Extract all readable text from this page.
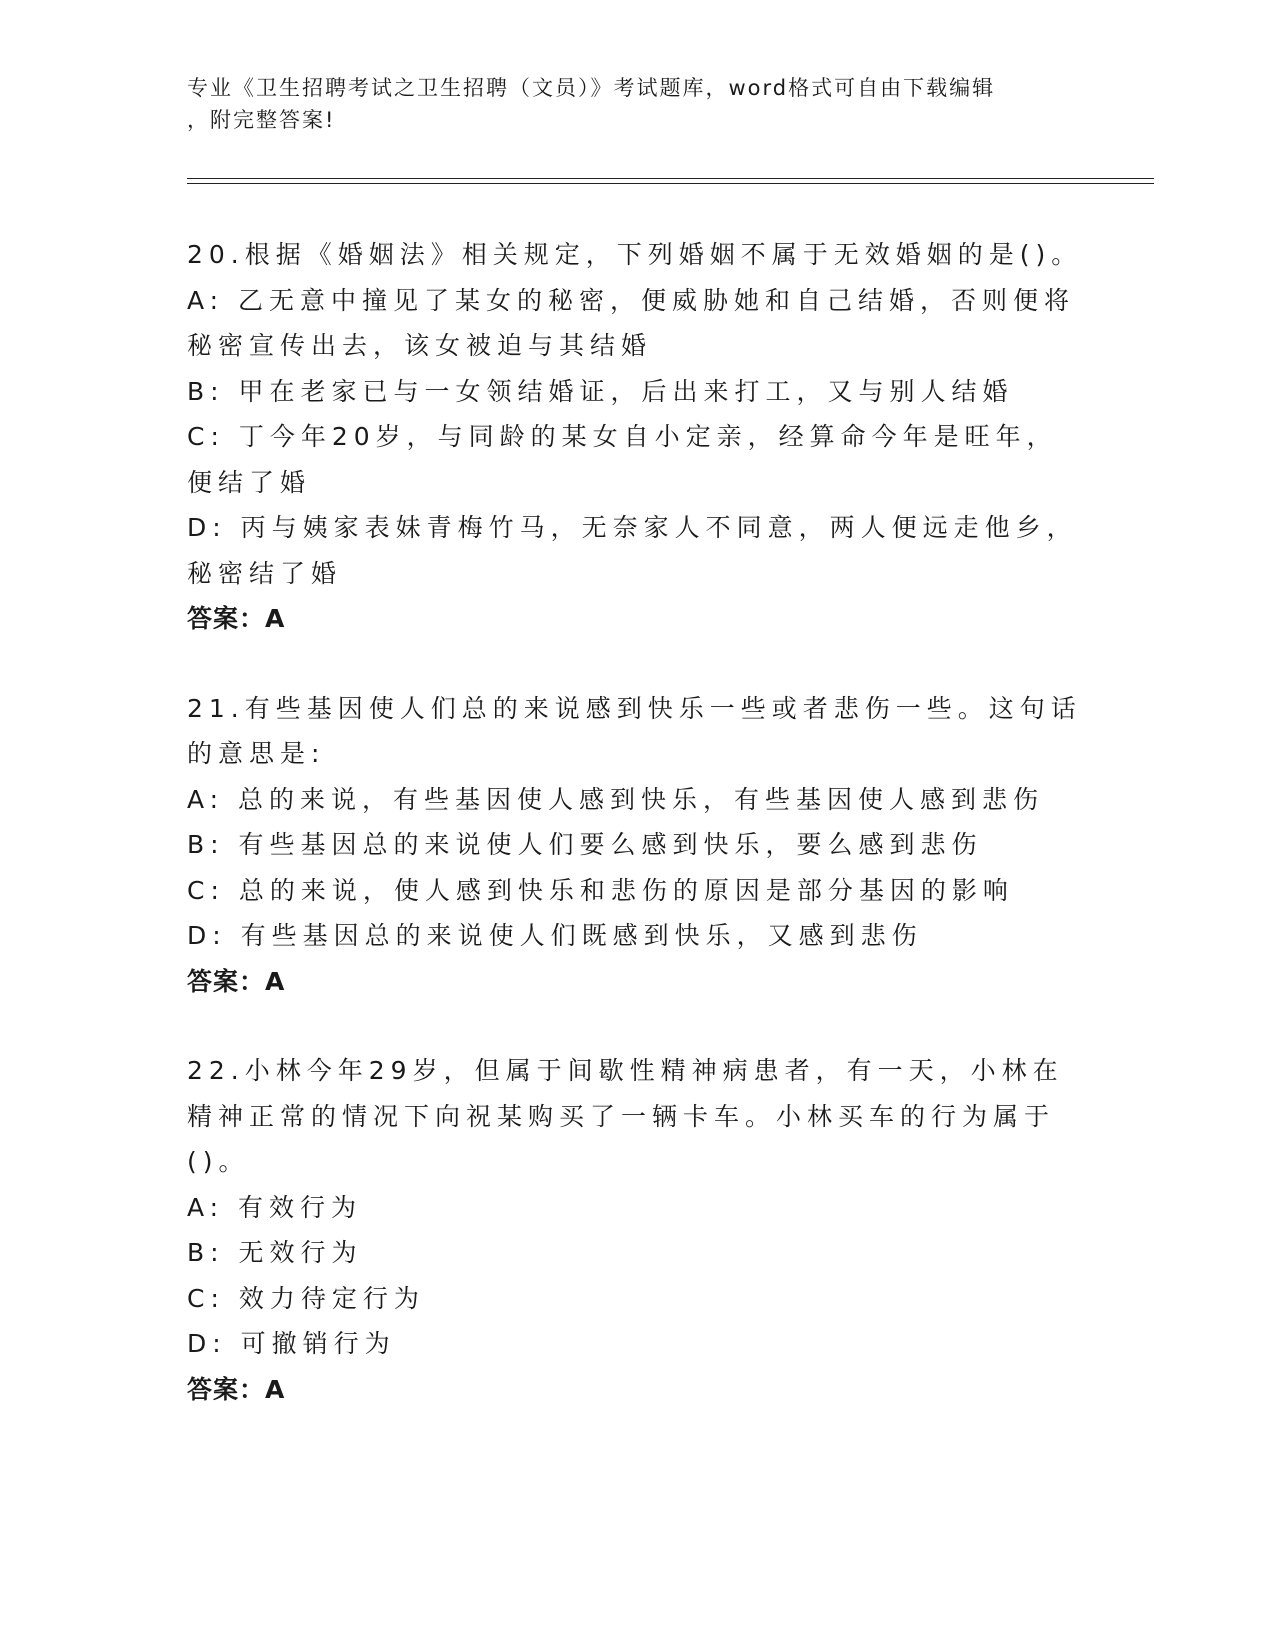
专业《卫生招聘考试之卫生招聘（文员）》考试题库，word格式可自由下载编辑
，附完整答案!
20.根据《婚姻法》相关规定，下列婚姻不属于无效婚姻的是()。
A: 乙无意中撞见了某女的秘密，便威胁她和自己结婚，否则便将秘密宣传出去，该女被迫与其结婚
B: 甲在老家已与一女领结婚证，后出来打工，又与别人结婚
C: 丁今年20岁，与同龄的某女自小定亲，经算命今年是旺年，便结了婚
D: 丙与姨家表妹青梅竹马，无奈家人不同意，两人便远走他乡，秘密结了婚
答案：A
21.有些基因使人们总的来说感到快乐一些或者悲伤一些。这句话的意思是:
A: 总的来说，有些基因使人感到快乐，有些基因使人感到悲伤
B: 有些基因总的来说使人们要么感到快乐，要么感到悲伤
C: 总的来说，使人感到快乐和悲伤的原因是部分基因的影响
D: 有些基因总的来说使人们既感到快乐，又感到悲伤
答案：A
22.小林今年29岁，但属于间歇性精神病患者，有一天，小林在精神正常的情况下向祝某购买了一辆卡车。小林买车的行为属于()。
A: 有效行为
B: 无效行为
C: 效力待定行为
D: 可撤销行为
答案：A
